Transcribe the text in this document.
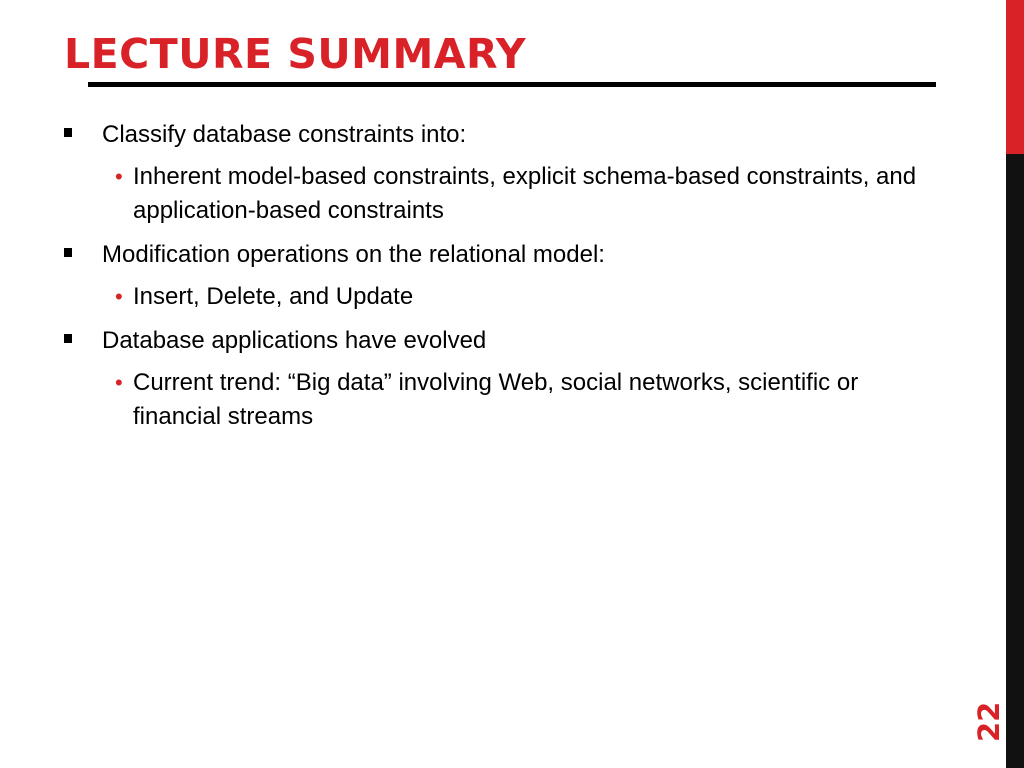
LECTURE SUMMARY
Classify database constraints into:
• Inherent model-based constraints, explicit schema-based constraints, and application-based constraints
Modification operations on the relational model:
• Insert, Delete, and Update
Database applications have evolved
• Current trend: “Big data” involving Web, social networks, scientific or financial streams
22
